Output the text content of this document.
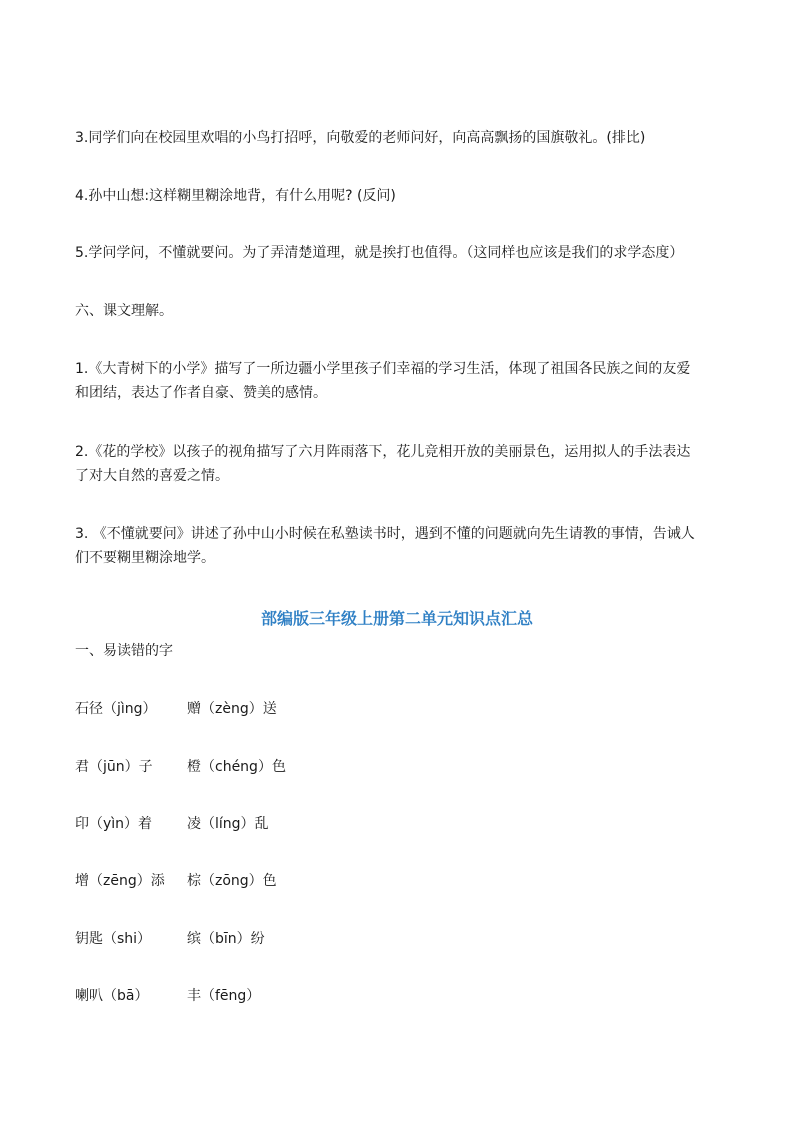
3.同学们向在校园里欢唱的小鸟打招呼，向敬爱的老师问好，向高高飘扬的国旗敬礼。(排比)
4.孙中山想:这样糊里糊涂地背，有什么用呢? (反问)
5.学问学问，不懂就要问。为了弄清楚道理，就是挨打也值得。（这同样也应该是我们的求学态度）
六、课文理解。
1.《大青树下的小学》描写了一所边疆小学里孩子们幸福的学习生活，体现了祖国各民族之间的友爱
和团结，表达了作者自豪、赞美的感情。
2.《花的学校》以孩子的视角描写了六月阵雨落下，花儿竞相开放的美丽景色，运用拟人的手法表达
了对大自然的喜爱之情。
3. 《不懂就要问》讲述了孙中山小时候在私塾读书时，遇到不懂的问题就向先生请教的事情，告诫人
们不要糊里糊涂地学。
部编版三年级上册第二单元知识点汇总
一、易读错的字
石径（jìng） 赠（zèng）送
君（jūn）子 橙（chéng）色
印（yìn）着 凌（líng）乱
增（zēng）添 棕（zōng）色
钥匙（shi）	缤（bīn）纷
喇叭（bā）	丰（fēng）
